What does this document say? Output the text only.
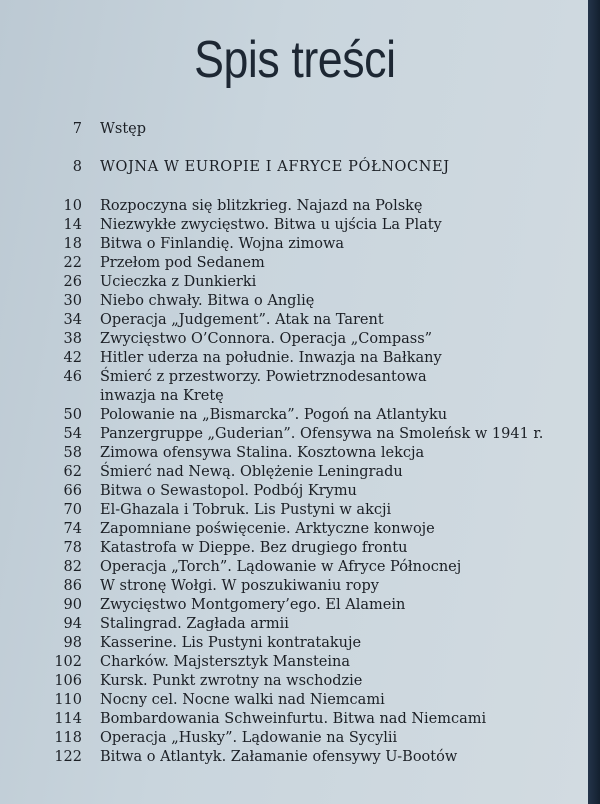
Spis treści
7 Wstęp
8 WOJNA W EUROPIE I AFRYCE PÓŁNOCNEJ
10 Rozpoczyna się blitzkrieg. Najazd na Polskę
14 Niezwykłe zwycięstwo. Bitwa u ujścia La Platy
18 Bitwa o Finlandię. Wojna zimowa
22 Przełom pod Sedanem
26 Ucieczka z Dunkierki
30 Niebo chwały. Bitwa o Anglię
34 Operacja „Judgement”. Atak na Tarent
38 Zwycięstwo O’Connora. Operacja „Compass”
42 Hitler uderza na południe. Inwazja na Bałkany
46 Śmierć z przestworzy. Powietrznodesantowa
inwazja na Kretę
50 Polowanie na „Bismarcka”. Pogoń na Atlantyku
54 Panzergruppe „Guderian”. Ofensywa na Smoleńsk w 1941 r.
58 Zimowa ofensywa Stalina. Kosztowna lekcja
62 Śmierć nad Newą. Oblężenie Leningradu
66 Bitwa o Sewastopol. Podbój Krymu
70 El-Ghazala i Tobruk. Lis Pustyni w akcji
74 Zapomniane poświęcenie. Arktyczne konwoje
78 Katastrofa w Dieppe. Bez drugiego frontu
82 Operacja „Torch”. Lądowanie w Afryce Północnej
86 W stronę Wołgi. W poszukiwaniu ropy
90 Zwycięstwo Montgomery’ego. El Alamein
94 Stalingrad. Zagłada armii
98 Kasserine. Lis Pustyni kontratakuje
102 Charków. Majstersztyk Mansteina
106 Kursk. Punkt zwrotny na wschodzie
110 Nocny cel. Nocne walki nad Niemcami
114 Bombardowania Schweinfurtu. Bitwa nad Niemcami
118 Operacja „Husky”. Lądowanie na Sycylii
122 Bitwa o Atlantyk. Załamanie ofensywy U-Bootów
